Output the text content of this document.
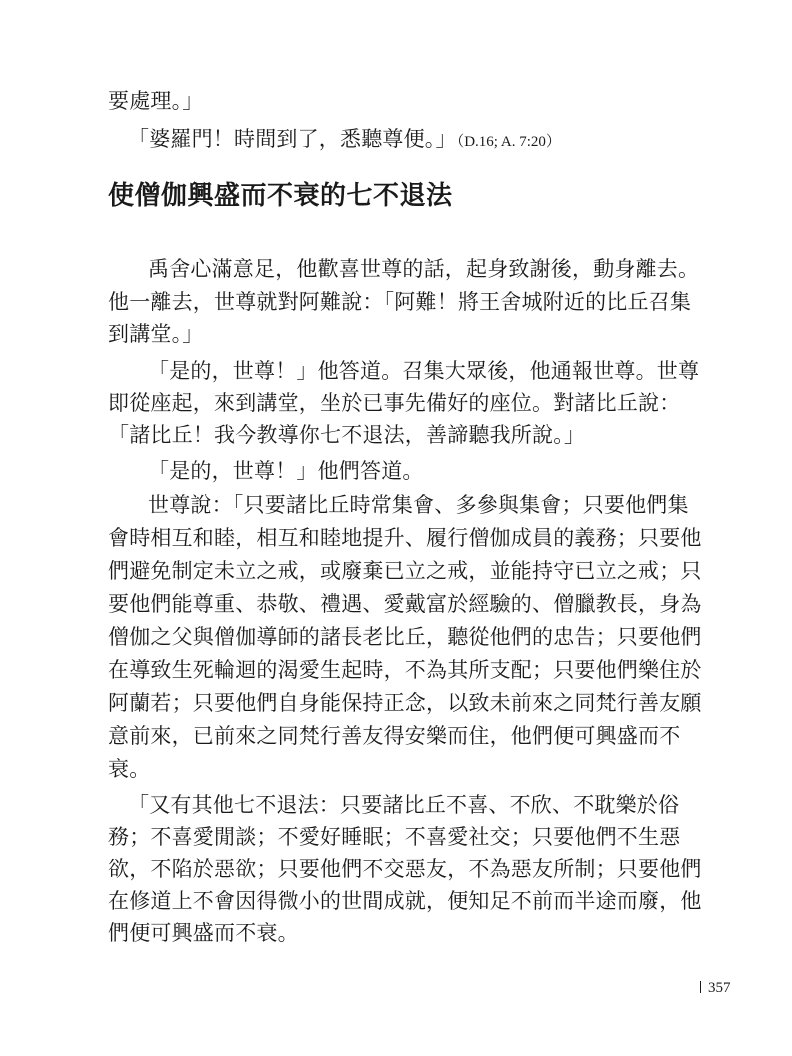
要處理。」
「婆羅門！時間到了，悉聽尊便。」（D.16; A. 7:20）
使僧伽興盛而不衰的七不退法
禹舍心滿意足，他歡喜世尊的話，起身致謝後，動身離去。
他一離去，世尊就對阿難說：「阿難！將王舍城附近的比丘召集
到講堂。」
「是的，世尊！」他答道。召集大眾後，他通報世尊。世尊
即從座起，來到講堂，坐於已事先備好的座位。對諸比丘說：
「諸比丘！我今教導你七不退法，善諦聽我所說。」
「是的，世尊！」他們答道。
世尊說：「只要諸比丘時常集會、多參與集會；只要他們集
會時相互和睦，相互和睦地提升、履行僧伽成員的義務；只要他
們避免制定未立之戒，或廢棄已立之戒，並能持守已立之戒；只
要他們能尊重、恭敬、禮遇、愛戴富於經驗的、僧臘教長，身為
僧伽之父與僧伽導師的諸長老比丘，聽從他們的忠告；只要他們
在導致生死輪迴的渴愛生起時，不為其所支配；只要他們樂住於
阿蘭若；只要他們自身能保持正念，以致未前來之同梵行善友願
意前來，已前來之同梵行善友得安樂而住，他們便可興盛而不
衰。
「又有其他七不退法：只要諸比丘不喜、不欣、不耽樂於俗
務；不喜愛閒談；不愛好睡眠；不喜愛社交；只要他們不生惡
欲，不陷於惡欲；只要他們不交惡友，不為惡友所制；只要他們
在修道上不會因得微小的世間成就，便知足不前而半途而廢，他
們便可興盛而不衰。
357
